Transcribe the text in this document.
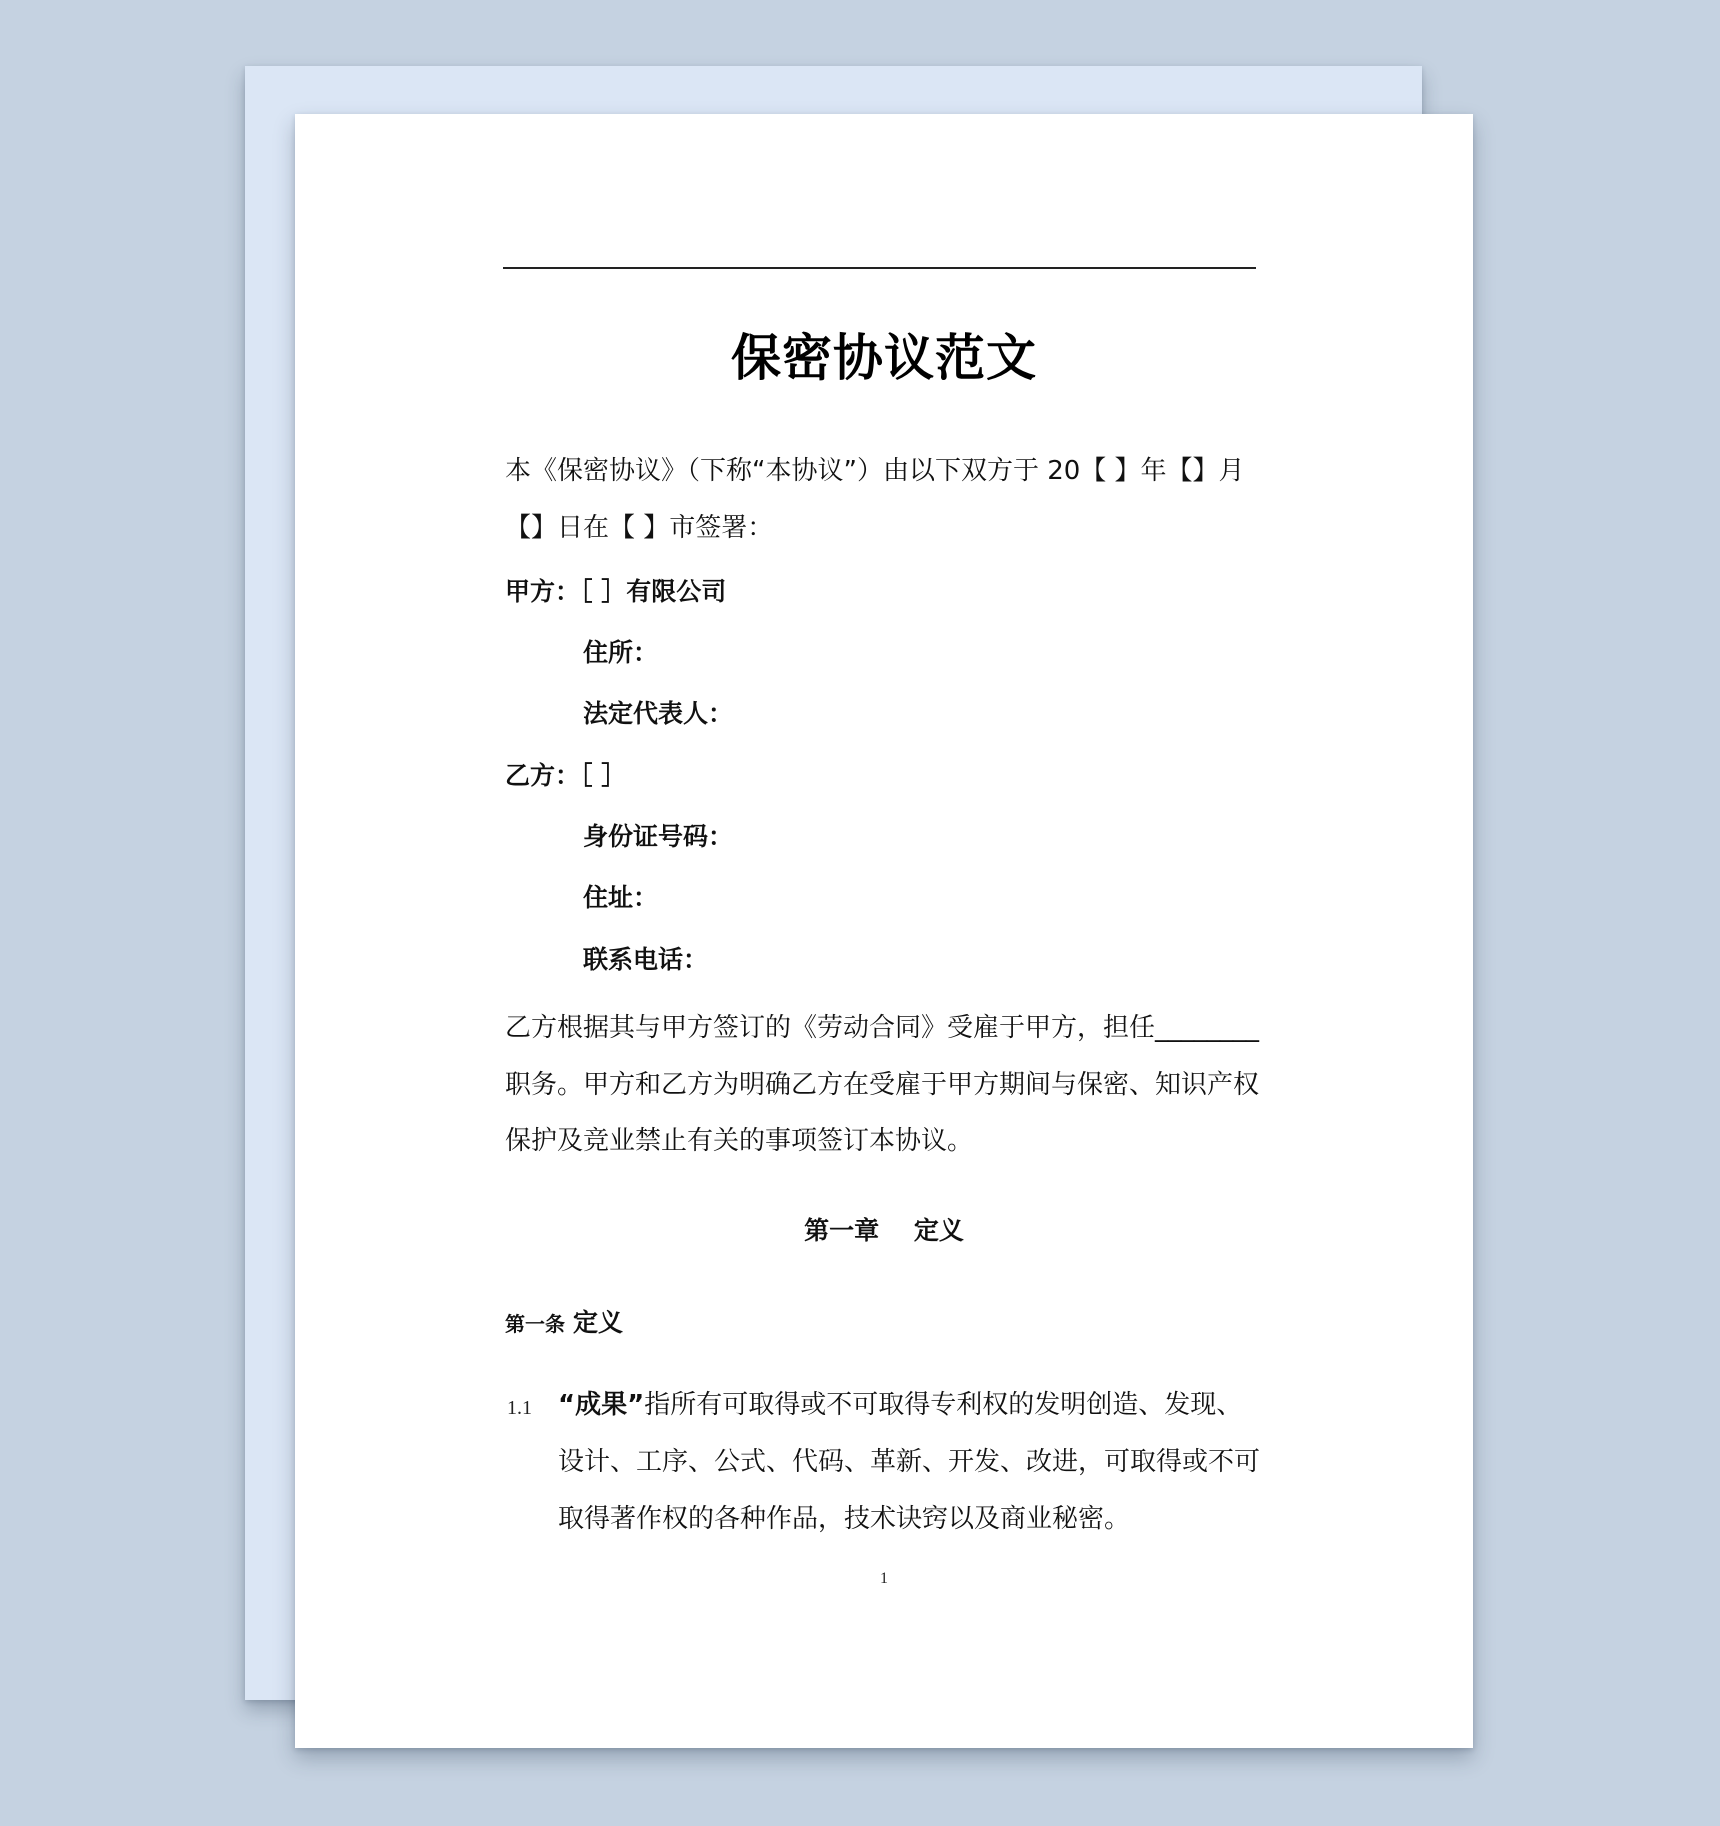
保密协议范文
本《保密协议》（下称“本协议”）由以下双方于 20【 】年【】月
【】日在【 】市签署：
甲方：［ ］有限公司
住所：
法定代表人：
乙方：［ ］
身份证号码：
住址：
联系电话：
乙方根据其与甲方签订的《劳动合同》受雇于甲方，担任________
职务。甲方和乙方为明确乙方在受雇于甲方期间与保密、知识产权
保护及竞业禁止有关的事项签订本协议。
第一章    定义
第一条 定义
1.1 “成果”指所有可取得或不可取得专利权的发明创造、发现、
设计、工序、公式、代码、革新、开发、改进，可取得或不可
取得著作权的各种作品，技术诀窍以及商业秘密。
1
